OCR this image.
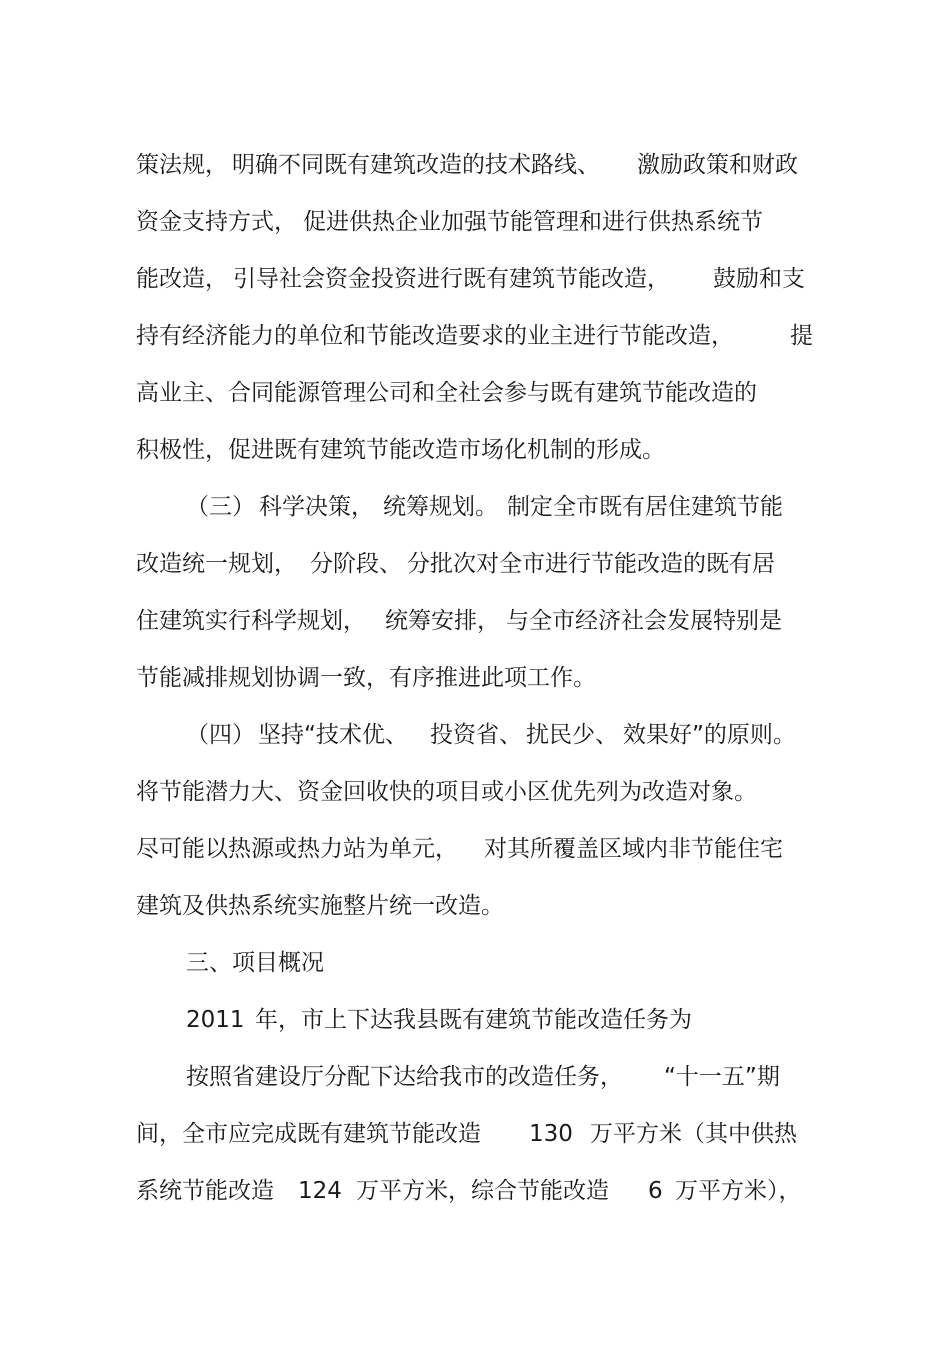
策法规， 明确不同既有建筑改造的技术路线、 激励政策和财政
资金支持方式， 促进供热企业加强节能管理和进行供热系统节
能改造， 引导社会资金投资进行既有建筑节能改造， 鼓励和支
持有经济能力的单位和节能改造要求的业主进行节能改造， 提
高业主、合同能源管理公司和全社会参与既有建筑节能改造的
积极性，促进既有建筑节能改造市场化机制的形成。
（三） 科学决策， 统筹规划。 制定全市既有居住建筑节能
改造统一规划， 分阶段、 分批次对全市进行节能改造的既有居
住建筑实行科学规划， 统筹安排， 与全市经济社会发展特别是
节能减排规划协调一致，有序推进此项工作。
（四） 坚持“技术优、 投资省、 扰民少、 效果好”的原则。
将节能潜力大、资金回收快的项目或小区优先列为改造对象。
尽可能以热源或热力站为单元， 对其所覆盖区域内非节能住宅
建筑及供热系统实施整片统一改造。
三、项目概况
2011 年，市上下达我县既有建筑节能改造任务为
按照省建设厅分配下达给我市的改造任务， “十一五”期
间，全市应完成既有建筑节能改造 130 万平方米（其中供热
系统节能改造 124 万平方米，综合节能改造 6 万平方米），
